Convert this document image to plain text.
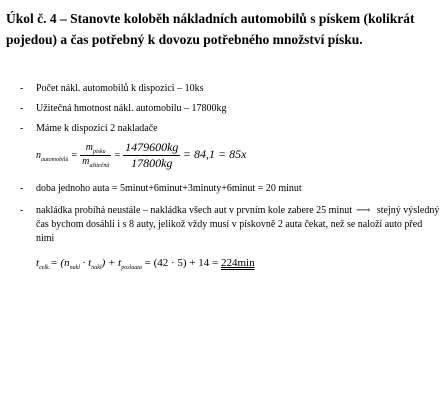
Úkol č. 4 – Stanovte koloběh nákladních automobilů s pískem (kolikrát pojedou) a čas potřebný k dovozu potřebného množství písku.
-	Počet nákl. automobilů k dispozici – 10ks
-	Užitečná hmotnost nákl. automobilu – 17800kg
-	Máme k dispozici 2 nakladače
$n_{automobilů} = \frac{m_{písku}}{m_{užitečná}} = \frac{1479600kg}{17800kg} = 84,1 = 85x$
-	doba jednoho auta = 5minut+6minut+3minuty+6minut = 20 minut
-	nakládka probíhá neustále – nakládka všech aut v prvním kole zabere 25 minut ⟶ stejný výsledný čas bychom dosáhli i s 8 auty, jelikož vždy musí v pískovně 2 auta čekat, než se naloží auto před nimi
$t_{celk.}= (n_{nakl} \cdot t_{nakl}) + t_{poslauta} = (42 \cdot 5) + 14 = 224\min$
